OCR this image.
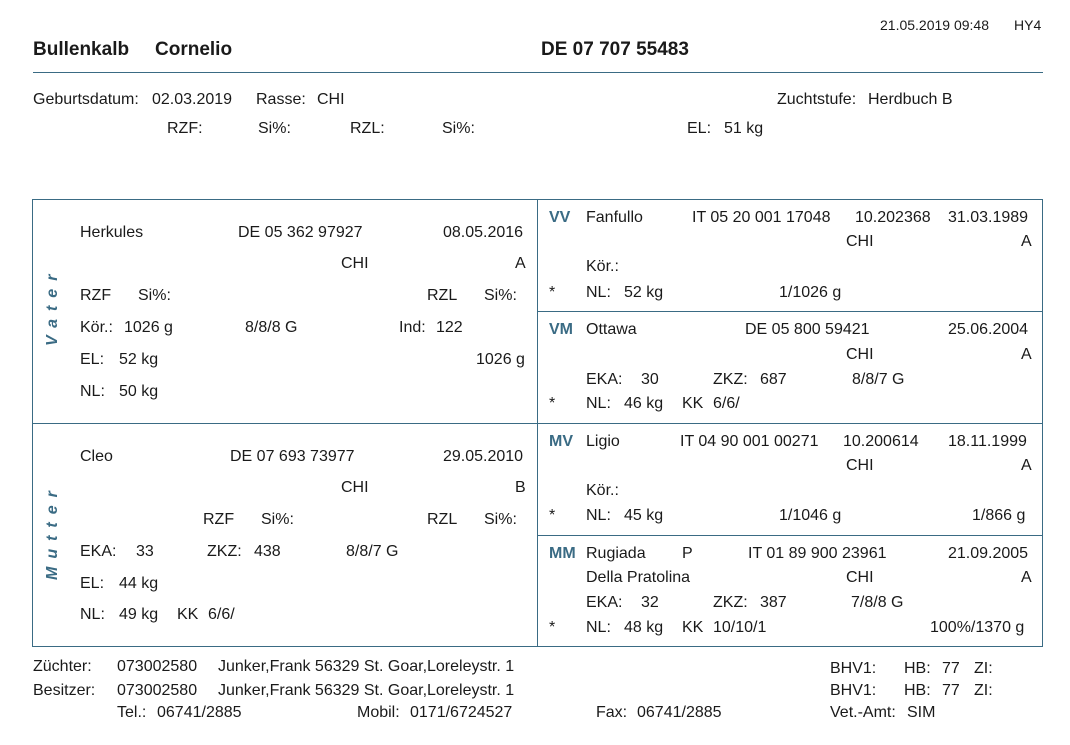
21.05.2019 09:48 HY4
Bullenkalb Cornelio	DE 07 707 55483
Geburtsdatum: 02.03.2019 Rasse: CHI	Zuchtstufe: Herdbuch B
RZF:	Si%:	RZL:	Si%:	EL: 51 kg
Vater
Herkules	DE 05 362 97927	08.05.2016
CHI	A
RZF Si%:	RZL Si%:
Kör.: 1026 g	8/8/8 G	Ind: 122
EL: 52 kg	1026 g
NL: 50 kg
Mutter
Cleo	DE 07 693 73977	29.05.2010
CHI	B
RZF Si%:	RZL Si%:
EKA: 33	ZKZ: 438	8/8/7 G
EL: 44 kg
NL: 49 kg KK 6/6/
VV Fanfullo	IT 05 20 001 17048 10.202368 31.03.1989
CHI	A
Kör.:
* NL: 52 kg	1/1026 g
VM Ottawa	DE 05 800 59421	25.06.2004
CHI	A
EKA: 30	ZKZ: 687	8/8/7 G
* NL: 46 kg KK 6/6/
MV Ligio	IT 04 90 001 00271 10.200614 18.11.1999
CHI	A
Kör.:
* NL: 45 kg	1/1046 g	1/866 g
MM Rugiada P	IT 01 89 900 23961	21.09.2005
Della Pratolina	CHI	A
EKA: 32	ZKZ: 387	7/8/8 G
* NL: 48 kg KK 10/10/1	100%/1370 g
Züchter: 073002580 Junker,Frank 56329 St. Goar,Loreleystr. 1
Besitzer: 073002580 Junker,Frank 56329 St. Goar,Loreleystr. 1
Tel.: 06741/2885	Mobil: 0171/6724527	Fax: 06741/2885
BHV1: HB: 77 ZI:
BHV1: HB: 77 ZI:
Vet.-Amt: SIM
